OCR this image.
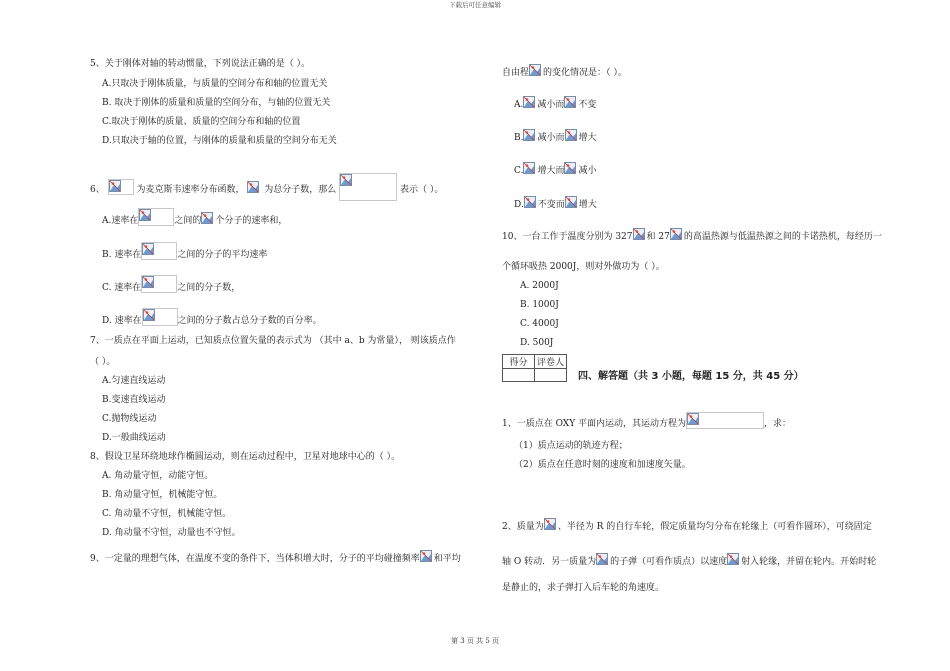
下载后可任意编辑
第 3 页 共 5 页
5、关于刚体对轴的转动惯量，下列说法正确的是（ ）。
A.只取决于刚体质量，与质量的空间分布和轴的位置无关
B. 取决于刚体的质量和质量的空间分布，与轴的位置无关
C.取决于刚体的质量、质量的空间分布和轴的位置
D.只取决于轴的位置，与刚体的质量和质量的空间分布无关
6、	为麦克斯韦速率分布函数， 为总分子数，那么	表示（ ）。
A.速率在	之间的 个分子的速率和，
B. 速率在	之间的分子的平均速率
C. 速率在	之间的分子数，
D. 速率在	之间的分子数占总分子数的百分率。
7、一质点在平面上运动，已知质点位置矢量的表示式为 （其中 a、b 为常量）， 则该质点作
（ ）。
A.匀速直线运动
B.变速直线运动
C.抛物线运动
D.一般曲线运动
8、假设卫星环绕地球作椭圆运动，则在运动过程中，卫星对地球中心的（ ）。
A. 角动量守恒，动能守恒。
B. 角动量守恒，机械能守恒。
C. 角动量不守恒，机械能守恒。
D. 角动量不守恒，动量也不守恒。
9、一定量的理想气体，在温度不变的条件下，当体积增大时，分子的平均碰撞频率 和平均
自由程 的变化情况是：（ ）。
A. 减小而 不变
B. 减小而 增大
C. 增大而 减小
D. 不变而 增大
10、一台工作于温度分别为 327 和 27 的高温热源与低温热源之间的卡诺热机，每经历一
个循环吸热 2000J，则对外做功为（ ）。
A. 2000J
B. 1000J
C. 4000J
D. 500J
得分	评卷人

四、解答题（共 3 小题，每题 15 分，共 45 分）
1、一质点在 OXY 平面内运动，其运动方程为	，求：
（1）质点运动的轨迹方程；
（2）质点在任意时刻的速度和加速度矢量。
2、质量为 、半径为 R 的自行车轮，假定质量均匀分布在轮缘上（可看作圆环），可绕固定
轴 O 转动．另一质量为 的子弹（可看作质点）以速度 射入轮缘，并留在轮内。开始时轮
是静止的，求子弹打入后车轮的角速度。
